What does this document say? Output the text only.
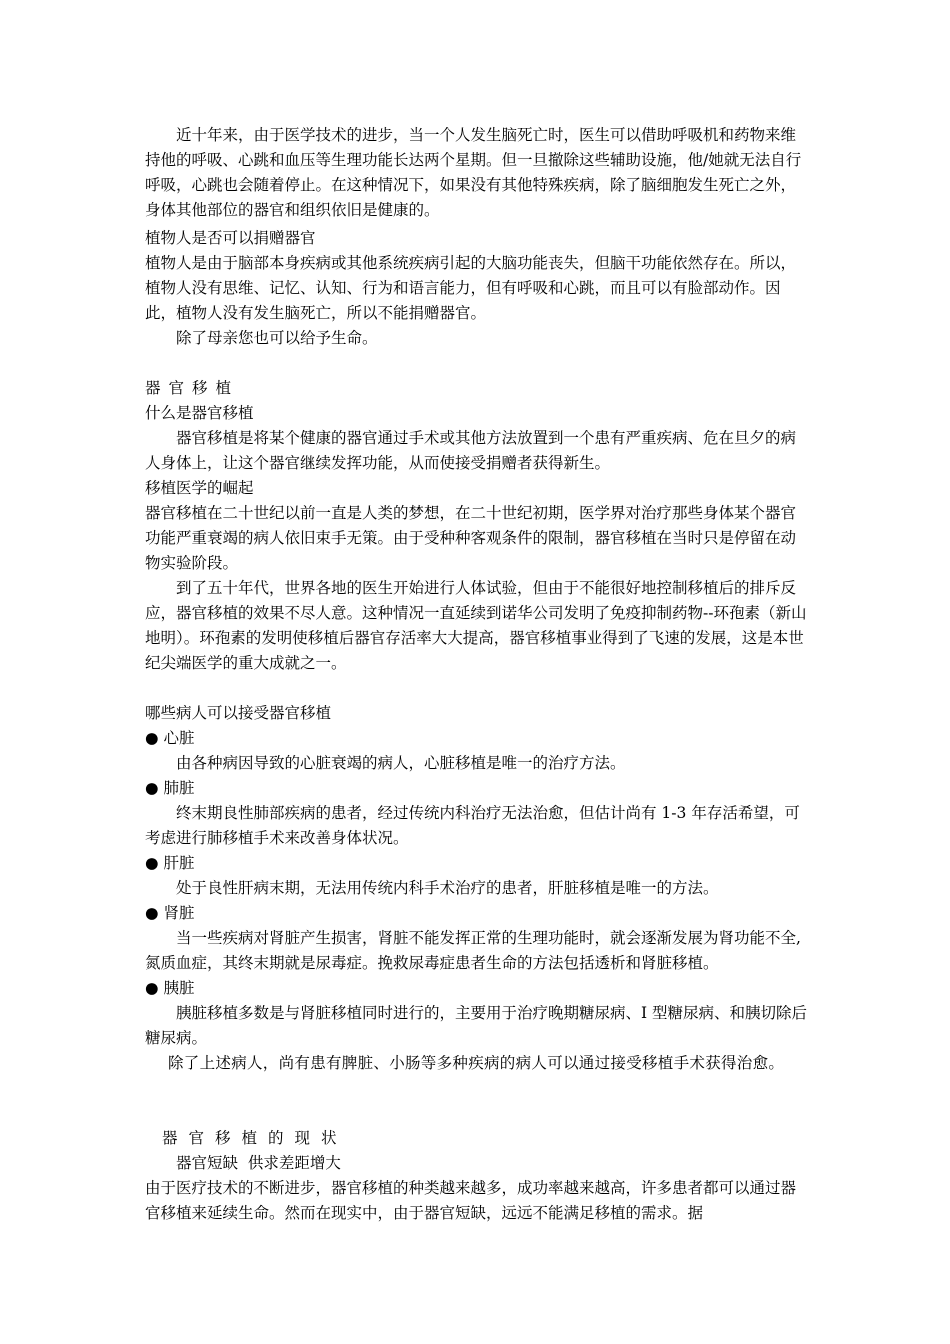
近十年来，由于医学技术的进步，当一个人发生脑死亡时，医生可以借助呼吸机和药物来维持他的呼吸、心跳和血压等生理功能长达两个星期。但一旦撤除这些辅助设施，他/她就无法自行呼吸，心跳也会随着停止。在这种情况下，如果没有其他特殊疾病，除了脑细胞发生死亡之外，身体其他部位的器官和组织依旧是健康的。

植物人是否可以捐赠器官

植物人是由于脑部本身疾病或其他系统疾病引起的大脑功能丧失，但脑干功能依然存在。所以，植物人没有思维、记忆、认知、行为和语言能力，但有呼吸和心跳，而且可以有脸部动作。因此，植物人没有发生脑死亡，所以不能捐赠器官。

除了母亲您也可以给予生命。
器官移植
什么是器官移植

器官移植是将某个健康的器官通过手术或其他方法放置到一个患有严重疾病、危在旦夕的病人身体上，让这个器官继续发挥功能，从而使接受捐赠者获得新生。

移植医学的崛起

器官移植在二十世纪以前一直是人类的梦想，在二十世纪初期，医学界对治疗那些身体某个器官功能严重衰竭的病人依旧束手无策。由于受种种客观条件的限制，器官移植在当时只是停留在动物实验阶段。

到了五十年代，世界各地的医生开始进行人体试验，但由于不能很好地控制移植后的排斥反应，器官移植的效果不尽人意。这种情况一直延续到诺华公司发明了免疫抑制药物--环孢素（新山地明）。环孢素的发明使移植后器官存活率大大提高，器官移植事业得到了飞速的发展，这是本世纪尖端医学的重大成就之一。

哪些病人可以接受器官移植
● 心脏

由各种病因导致的心脏衰竭的病人，心脏移植是唯一的治疗方法。

● 肺脏

终末期良性肺部疾病的患者，经过传统内科治疗无法治愈，但估计尚有 1-3 年存活希望，可考虑进行肺移植手术来改善身体状况。

● 肝脏

处于良性肝病末期，无法用传统内科手术治疗的患者，肝脏移植是唯一的方法。

● 肾脏

当一些疾病对肾脏产生损害，肾脏不能发挥正常的生理功能时，就会逐渐发展为肾功能不全, 氮质血症，其终末期就是尿毒症。挽救尿毒症患者生命的方法包括透析和肾脏移植。

● 胰脏

胰脏移植多数是与肾脏移植同时进行的，主要用于治疗晚期糖尿病、I 型糖尿病、和胰切除后糖尿病。

除了上述病人，尚有患有脾脏、小肠等多种疾病的病人可以通过接受移植手术获得治愈。
器官移植的现状
器官短缺  供求差距增大

由于医疗技术的不断进步，器官移植的种类越来越多，成功率越来越高，许多患者都可以通过器官移植来延续生命。然而在现实中，由于器官短缺，远远不能满足移植的需求。据
